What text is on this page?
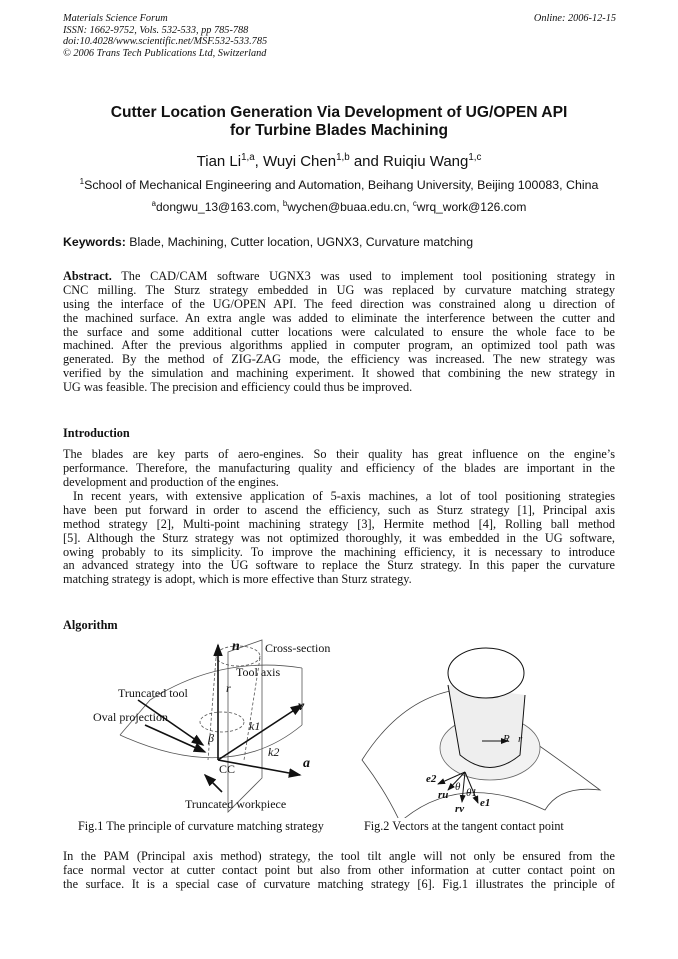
Materials Science Forum
ISSN: 1662-9752, Vols. 532-533, pp 785-788
doi:10.4028/www.scientific.net/MSF.532-533.785
© 2006 Trans Tech Publications Ltd, Switzerland
Online: 2006-12-15
Cutter Location Generation Via Development of UG/OPEN API
for Turbine Blades Machining
Tian Li$^{1,a}$, Wuyi Chen$^{1,b}$ and Ruiqiu Wang$^{1,c}$
$^1$School of Mechanical Engineering and Automation, Beihang University, Beijing 100083, China
$^a$dongwu_13@163.com, $^b$wychen@buaa.edu.cn, $^c$wrq_work@126.com
Keywords: Blade, Machining, Cutter location, UGNX3, Curvature matching
Abstract. The CAD/CAM software UGNX3 was used to implement tool positioning strategy in
CNC milling. The Sturz strategy embedded in UG was replaced by curvature matching strategy
using the interface of the UG/OPEN API. The feed direction was constrained along u direction of
the machined surface. An extra angle was added to eliminate the interference between the cutter and
the surface and some additional cutter locations were calculated to ensure the whole face to be
machined. After the previous algorithms applied in computer program, an optimized tool path was
generated. By the method of ZIG-ZAG mode, the efficiency was increased. The new strategy was
verified by the simulation and machining experiment. It showed that combining the new strategy in
UG was feasible. The precision and efficiency could thus be improved.
Introduction
The blades are key parts of aero-engines. So their quality has great influence on the engine’s
performance. Therefore, the manufacturing quality and efficiency of the blades are important in the
development and production of the engines.
In recent years, with extensive application of 5-axis machines, a lot of tool positioning strategies
have been put forward in order to ascend the efficiency, such as Sturz strategy [1], Principal axis
method strategy [2], Multi-point machining strategy [3], Hermite method [4], Rolling ball method
[5]. Although the Sturz strategy was not optimized thoroughly, it was embedded in the UG software,
owing probably to its simplicity. To improve the machining efficiency, it is necessary to introduce
an advanced strategy into the UG software to replace the Sturz strategy. In this paper the curvature
matching strategy is adopt, which is more effective than Sturz strategy.
Algorithm
n Cross-section
Tool axis
Truncated tool
Oval projection
v
k1
k2
β
CC	a
r
Truncated workpiece
R r
e2
ru
θ θ1
rv e1
Fig.1 The principle of curvature matching strategy	Fig.2 Vectors at the tangent contact point
In the PAM (Principal axis method) strategy, the tool tilt angle will not only be ensured from the
face normal vector at cutter contact point but also from other information at cutter contact point on
the surface. It is a special case of curvature matching strategy [6]. Fig.1 illustrates the principle of
